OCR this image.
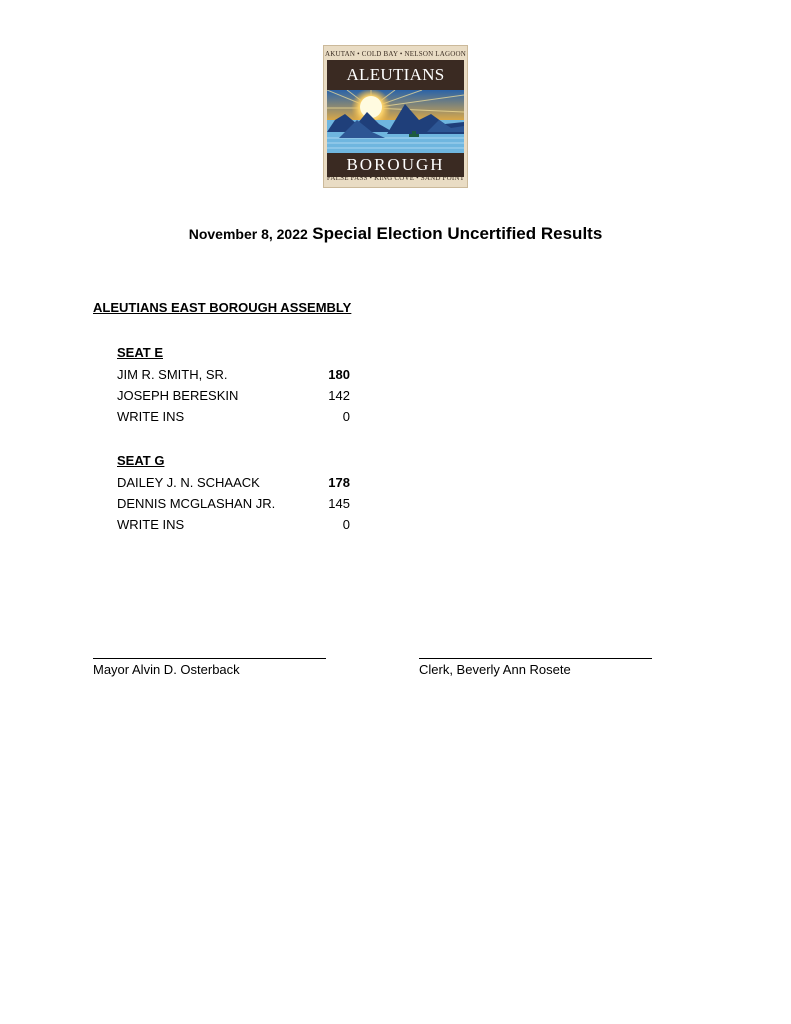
AKUTAN • COLD BAY • NELSON LAGOON
ALEUTIANS
BOROUGH
FALSE PASS • KING COVE • SAND POINT
November 8, 2022 Special Election Uncertified Results
ALEUTIANS EAST BOROUGH ASSEMBLY
SEAT E
JIM R. SMITH, SR.	180
JOSEPH BERESKIN	142
WRITE INS	0
SEAT G
DAILEY J. N. SCHAACK	178
DENNIS MCGLASHAN JR.	145
WRITE INS	0
Mayor Alvin D. Osterback	Clerk, Beverly Ann Rosete
